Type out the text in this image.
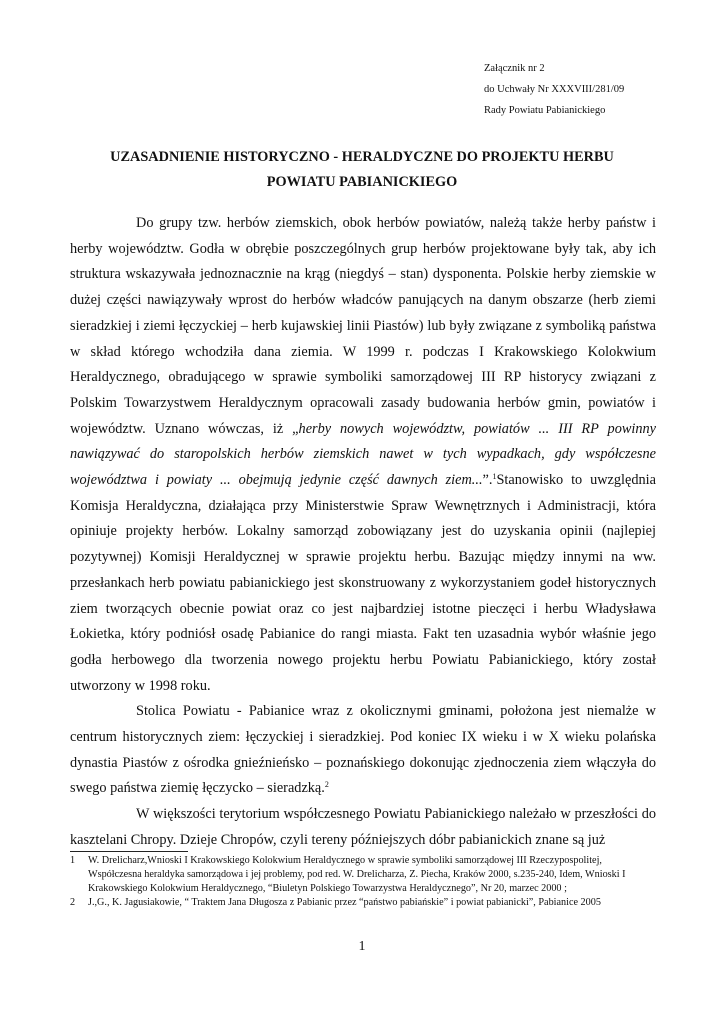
Załącznik nr 2
do Uchwały Nr XXXVIII/281/09
Rady Powiatu Pabianickiego
UZASADNIENIE HISTORYCZNO - HERALDYCZNE DO PROJEKTU HERBU
POWIATU PABIANICKIEGO

Do grupy tzw. herbów ziemskich, obok herbów powiatów, należą także herby państw i herby województw. Godła w obrębie poszczególnych grup herbów projektowane były tak, aby ich struktura wskazywała jednoznacznie na krąg (niegdyś – stan) dysponenta. Polskie herby ziemskie w dużej części nawiązywały wprost do herbów władców panujących na danym obszarze (herb ziemi sieradzkiej i ziemi łęczyckiej – herb kujawskiej linii Piastów) lub były związane z symboliką państwa w skład którego wchodziła dana ziemia. W 1999 r. podczas I Krakowskiego Kolokwium Heraldycznego, obradującego w sprawie symboliki samorządowej III RP historycy związani z Polskim Towarzystwem Heraldycznym opracowali zasady budowania herbów gmin, powiatów i województw. Uznano wówczas, iż „herby nowych województw, powiatów ... III RP powinny nawiązywać do staropolskich herbów ziemskich nawet w tych wypadkach, gdy współczesne województwa i powiaty ... obejmują jedynie część dawnych ziem...”.$^1$Stanowisko to uwzględnia Komisja Heraldyczna, działająca przy Ministerstwie Spraw Wewnętrznych i Administracji, która opiniuje projekty herbów. Lokalny samorząd zobowiązany jest do uzyskania opinii (najlepiej pozytywnej) Komisji Heraldycznej w sprawie projektu herbu. Bazując między innymi na ww. przesłankach herb powiatu pabianickiego jest skonstruowany z wykorzystaniem godeł historycznych ziem tworzących obecnie powiat oraz co jest najbardziej istotne pieczęci i herbu Władysława Łokietka, który podniósł osadę Pabianice do rangi miasta. Fakt ten uzasadnia wybór właśnie jego godła herbowego dla tworzenia nowego projektu herbu Powiatu Pabianickiego, który został utworzony w 1998 roku.

Stolica Powiatu - Pabianice wraz z okolicznymi gminami, położona jest niemalże w centrum historycznych ziem: łęczyckiej i sieradzkiej. Pod koniec IX wieku i w X wieku polańska dynastia Piastów z ośrodka gnieźnieńsko – poznańskiego dokonując zjednoczenia ziem włączyła do swego państwa ziemię łęczycko – sieradzką.$^2$

W większości terytorium współczesnego Powiatu Pabianickiego należało w przeszłości do kasztelani Chropy. Dzieje Chropów, czyli tereny późniejszych dóbr pabianickich znane są już

1	W. Drelicharz,Wnioski I Krakowskiego Kolokwium Heraldycznego w sprawie symboliki samorządowej III Rzeczypospolitej, Współczesna heraldyka samorządowa i jej problemy, pod red. W. Drelicharza, Z. Piecha, Kraków 2000, s.235-240, Idem, Wnioski I Krakowskiego Kolokwium Heraldycznego, “Biuletyn Polskiego Towarzystwa Heraldycznego”, Nr 20, marzec 2000 ;
2	J.,G., K. Jagusiakowie, “ Traktem Jana Długosza z Pabianic przez “państwo pabiańskie” i powiat pabianicki”, Pabianice 2005
1
